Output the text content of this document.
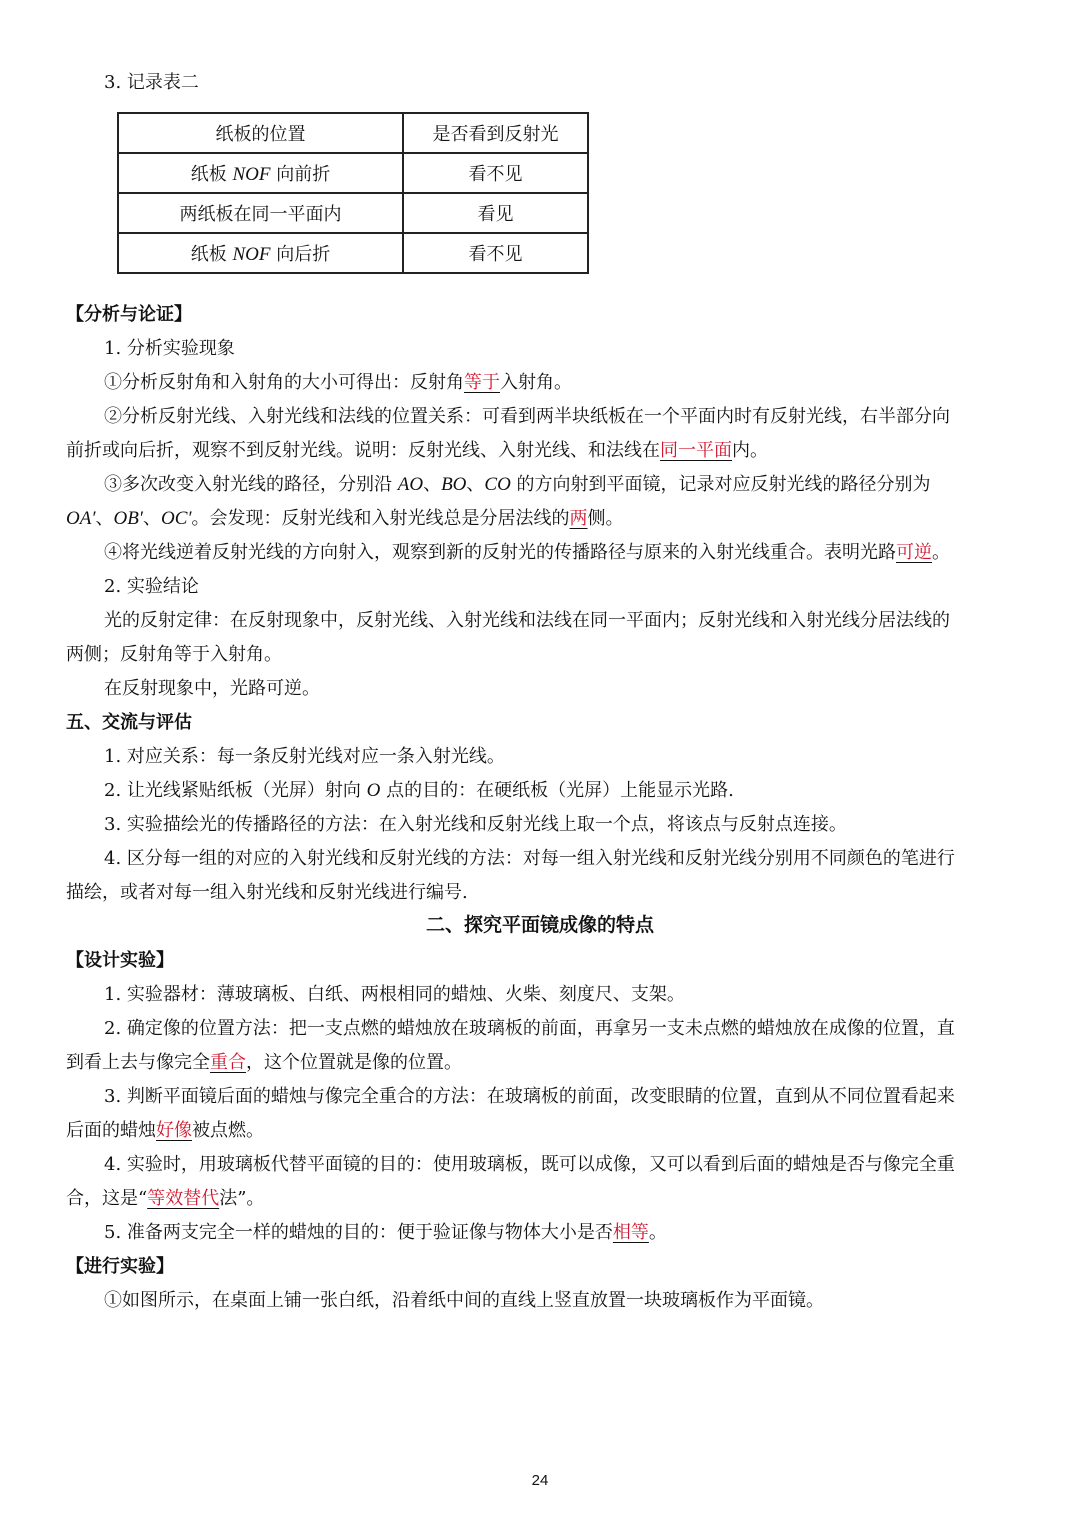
3. 记录表二
纸板的位置	是否看到反射光
纸板 NOF 向前折	看不见
两纸板在同一平面内	看见
纸板 NOF 向后折	看不见
【分析与论证】
1. 分析实验现象
①分析反射角和入射角的大小可得出：反射角等于入射角。
②分析反射光线、入射光线和法线的位置关系：可看到两半块纸板在一个平面内时有反射光线，右半部分向
前折或向后折，观察不到反射光线。说明：反射光线、入射光线、和法线在同一平面内。
③多次改变入射光线的路径，分别沿 AO、BO、CO 的方向射到平面镜，记录对应反射光线的路径分别为
OA′、OB′、OC′。会发现：反射光线和入射光线总是分居法线的两侧。
④将光线逆着反射光线的方向射入，观察到新的反射光的传播路径与原来的入射光线重合。表明光路可逆。
2. 实验结论
光的反射定律：在反射现象中，反射光线、入射光线和法线在同一平面内；反射光线和入射光线分居法线的
两侧；反射角等于入射角。
在反射现象中，光路可逆。
五、交流与评估
1. 对应关系：每一条反射光线对应一条入射光线。
2. 让光线紧贴纸板（光屏）射向 O 点的目的：在硬纸板（光屏）上能显示光路.
3. 实验描绘光的传播路径的方法：在入射光线和反射光线上取一个点，将该点与反射点连接。
4. 区分每一组的对应的入射光线和反射光线的方法：对每一组入射光线和反射光线分别用不同颜色的笔进行
描绘，或者对每一组入射光线和反射光线进行编号.
二、探究平面镜成像的特点
【设计实验】
1. 实验器材：薄玻璃板、白纸、两根相同的蜡烛、火柴、刻度尺、支架。
2. 确定像的位置方法：把一支点燃的蜡烛放在玻璃板的前面，再拿另一支未点燃的蜡烛放在成像的位置，直
到看上去与像完全重合，这个位置就是像的位置。
3. 判断平面镜后面的蜡烛与像完全重合的方法：在玻璃板的前面，改变眼睛的位置，直到从不同位置看起来
后面的蜡烛好像被点燃。
4. 实验时，用玻璃板代替平面镜的目的：使用玻璃板，既可以成像，又可以看到后面的蜡烛是否与像完全重
合，这是“等效替代法”。
5. 准备两支完全一样的蜡烛的目的：便于验证像与物体大小是否相等。
【进行实验】
①如图所示，在桌面上铺一张白纸，沿着纸中间的直线上竖直放置一块玻璃板作为平面镜。
24
